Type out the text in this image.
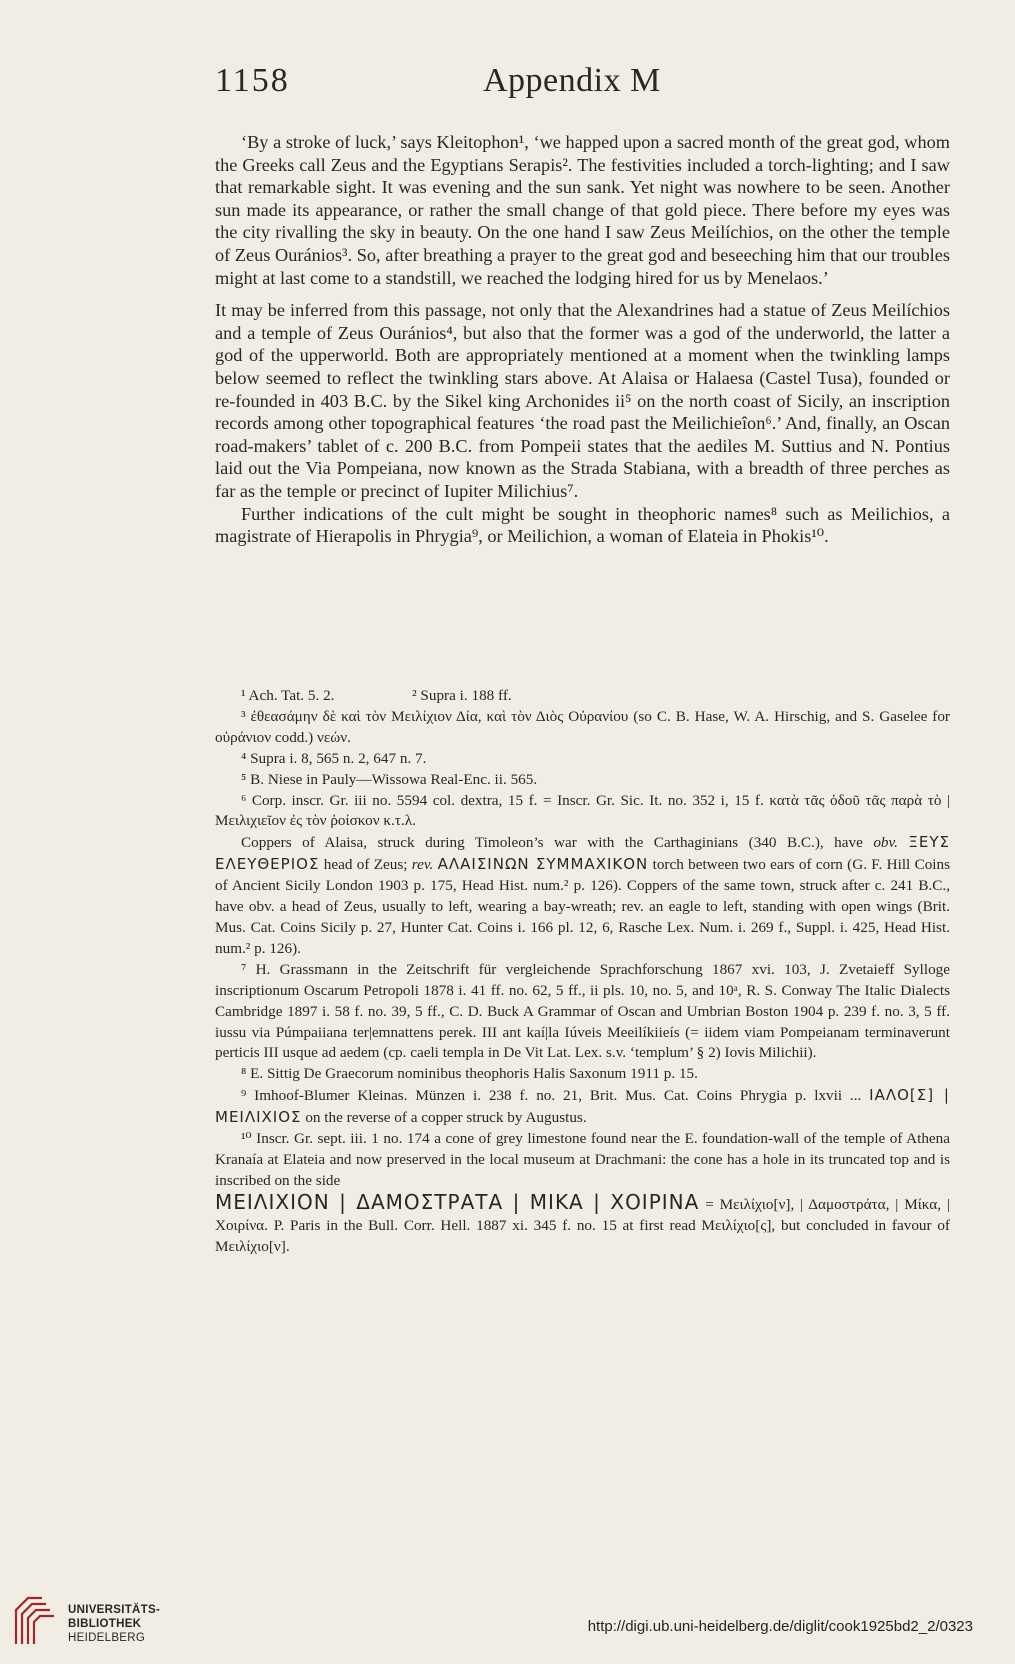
1158	Appendix M

‘By a stroke of luck,’ says Kleitophon¹, ‘we happed upon a sacred month of the great god, whom the Greeks call Zeus and the Egyptians Serapis². The festivities included a torch-lighting; and I saw that remarkable sight. It was evening and the sun sank. Yet night was nowhere to be seen. Another sun made its appearance, or rather the small change of that gold piece. There before my eyes was the city rivalling the sky in beauty. On the one hand I saw Zeus Meilíchios, on the other the temple of Zeus Ouránios³. So, after breathing a prayer to the great god and beseeching him that our troubles might at last come to a standstill, we reached the lodging hired for us by Menelaos.’

It may be inferred from this passage, not only that the Alexandrines had a statue of Zeus Meilíchios and a temple of Zeus Ouránios⁴, but also that the former was a god of the underworld, the latter a god of the upperworld. Both are appropriately mentioned at a moment when the twinkling lamps below seemed to reflect the twinkling stars above. At Alaisa or Halaesa (Castel Tusa), founded or re-founded in 403 B.C. by the Sikel king Archonides ii⁵ on the north coast of Sicily, an inscription records among other topographical features ‘the road past the Meilichieîon⁶.’ And, finally, an Oscan road-makers’ tablet of c. 200 B.C. from Pompeii states that the aediles M. Suttius and N. Pontius laid out the Via Pompeiana, now known as the Strada Stabiana, with a breadth of three perches as far as the temple or precinct of Iupiter Milichius⁷.

Further indications of the cult might be sought in theophoric names⁸ such as Meilichios, a magistrate of Hierapolis in Phrygia⁹, or Meilichion, a woman of Elateia in Phokis¹⁰.

¹ Ach. Tat. 5. 2.	² Supra i. 188 ff.

³ ἐθεασάμην δὲ καὶ τὸν Μειλίχιον Δία, καὶ τὸν Διὸς Οὐρανίου (so C. B. Hase, W. A. Hirschig, and S. Gaselee for οὐράνιον codd.) νεών.

⁴ Supra i. 8, 565 n. 2, 647 n. 7.

⁵ B. Niese in Pauly—Wissowa Real-Enc. ii. 565.

⁶ Corp. inscr. Gr. iii no. 5594 col. dextra, 15 f. = Inscr. Gr. Sic. It. no. 352 i, 15 f. κατὰ τᾶς ὁδοῦ τᾶς παρὰ τὸ | Μειλιχιεῖον ἐς τὸν ῥοίσκον κ.τ.λ.

Coppers of Alaisa, struck during Timoleon’s war with the Carthaginians (340 B.C.), have obv. ΞΕΥΣ ΕΛΕΥΘΕΡΙΟΣ head of Zeus; rev. ΑΛΑΙΣΙΝΩΝ ΣΥΜΜΑΧΙΚΟΝ torch between two ears of corn (G. F. Hill Coins of Ancient Sicily London 1903 p. 175, Head Hist. num.² p. 126). Coppers of the same town, struck after c. 241 B.C., have obv. a head of Zeus, usually to left, wearing a bay-wreath; rev. an eagle to left, standing with open wings (Brit. Mus. Cat. Coins Sicily p. 27, Hunter Cat. Coins i. 166 pl. 12, 6, Rasche Lex. Num. i. 269 f., Suppl. i. 425, Head Hist. num.² p. 126).

⁷ H. Grassmann in the Zeitschrift für vergleichende Sprachforschung 1867 xvi. 103, J. Zvetaieff Sylloge inscriptionum Oscarum Petropoli 1878 i. 41 ff. no. 62, 5 ff., ii pls. 10, no. 5, and 10ᵃ, R. S. Conway The Italic Dialects Cambridge 1897 i. 58 f. no. 39, 5 ff., C. D. Buck A Grammar of Oscan and Umbrian Boston 1904 p. 239 f. no. 3, 5 ff. iussu via Púmpaiiana ter|emnattens perek. III ant kaí|la Iúveis Meeilíkiieís (= iidem viam Pompeianam terminaverunt perticis III usque ad aedem (cp. caeli templa in De Vit Lat. Lex. s.v. ‘templum’ § 2) Iovis Milichii).

⁸ E. Sittig De Graecorum nominibus theophoris Halis Saxonum 1911 p. 15.

⁹ Imhoof-Blumer Kleinas. Münzen i. 238 f. no. 21, Brit. Mus. Cat. Coins Phrygia p. lxvii ... ΙΑΛΟ[Σ] | ΜΕΙΛΙΧΙΟΣ on the reverse of a copper struck by Augustus.

¹⁰ Inscr. Gr. sept. iii. 1 no. 174 a cone of grey limestone found near the E. foundation-wall of the temple of Athena Kranaía at Elateia and now preserved in the local museum at Drachmani: the cone has a hole in its truncated top and is inscribed on the side

ΜΕΙΛΙΧΙΟΝ | ΔΑΜΟΣΤΡΑΤΑ | ΜΙΚΑ | ΧΟΙΡΙΝΑ = Μειλίχιο[ν], | Δαμοστράτα, | Μίκα, | Χοιρίνα. P. Paris in the Bull. Corr. Hell. 1887 xi. 345 f. no. 15 at first read Μειλίχιο[ς], but concluded in favour of Μειλίχιο[ν].

UNIVERSITÄTS-
BIBLIOTHEK
HEIDELBERG
http://digi.ub.uni-heidelberg.de/diglit/cook1925bd2_2/0323
